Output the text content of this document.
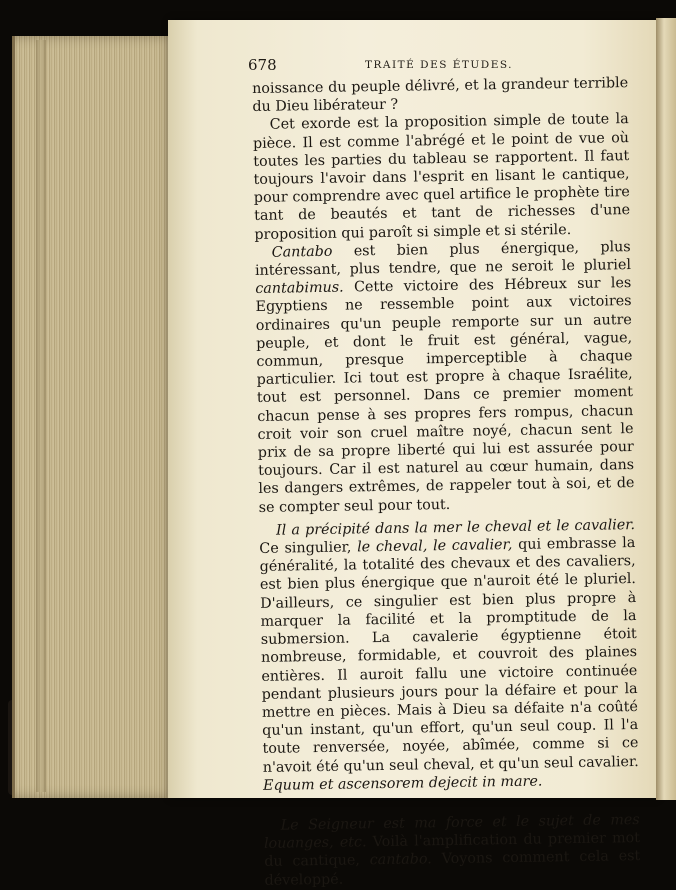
678	TRAITÉ DES ÉTUDES.

noissance du peuple délivré, et la grandeur terrible du Dieu libérateur ?

Cet exorde est la proposition simple de toute la pièce. Il est comme l'abrégé et le point de vue où toutes les parties du tableau se rapportent. Il faut toujours l'avoir dans l'esprit en lisant le cantique, pour comprendre avec quel artifice le prophète tire tant de beautés et tant de richesses d'une proposition qui paroît si simple et si stérile.

Cantabo est bien plus énergique, plus intéressant, plus tendre, que ne seroit le pluriel cantabimus. Cette victoire des Hébreux sur les Egyptiens ne ressemble point aux victoires ordinaires qu'un peuple remporte sur un autre peuple, et dont le fruit est général, vague, commun, presque imperceptible à chaque particulier. Ici tout est propre à chaque Israélite, tout est personnel. Dans ce premier moment chacun pense à ses propres fers rompus, chacun croit voir son cruel maître noyé, chacun sent le prix de sa propre liberté qui lui est assurée pour toujours. Car il est naturel au cœur humain, dans les dangers extrêmes, de rappeler tout à soi, et de se compter seul pour tout.

Il a précipité dans la mer le cheval et le cavalier. Ce singulier, le cheval, le cavalier, qui embrasse la généralité, la totalité des chevaux et des cavaliers, est bien plus énergique que n'auroit été le pluriel. D'ailleurs, ce singulier est bien plus propre à marquer la facilité et la promptitude de la submersion. La cavalerie égyptienne étoit nombreuse, formidable, et couvroit des plaines entières. Il auroit fallu une victoire continuée pendant plusieurs jours pour la défaire et pour la mettre en pièces. Mais à Dieu sa défaite n'a coûté qu'un instant, qu'un effort, qu'un seul coup. Il l'a toute renversée, noyée, abîmée, comme si ce n'avoit été qu'un seul cheval, et qu'un seul cavalier. Equum et ascensorem dejecit in mare.

Le Seigneur est ma force et le sujet de mes louanges, etc. Voilà l'amplification du premier mot du cantique, cantabo. Voyons comment cela est développé.
